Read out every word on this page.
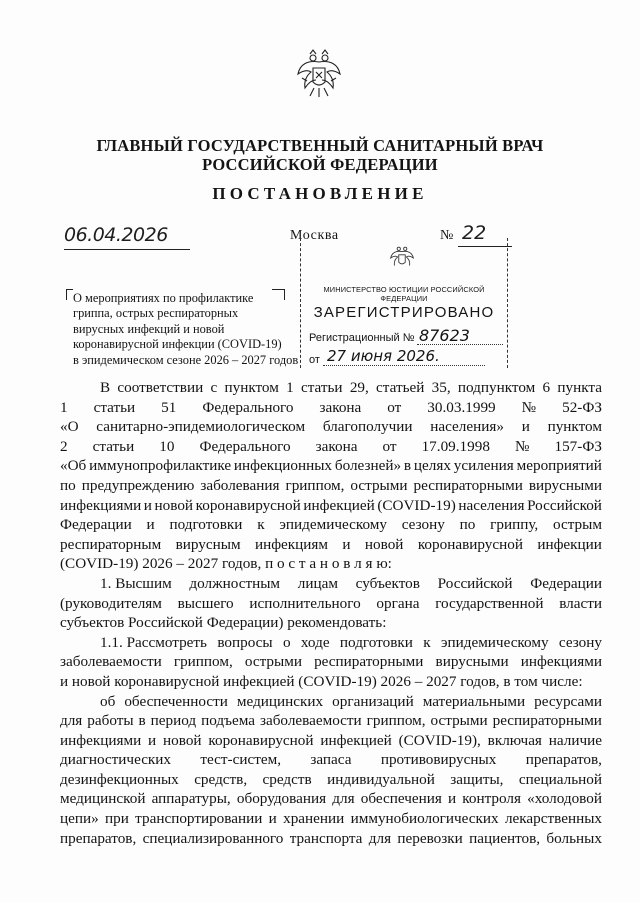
ГЛАВНЫЙ ГОСУДАРСТВЕННЫЙ САНИТАРНЫЙ ВРАЧ
РОССИЙСКОЙ ФЕДЕРАЦИИ
ПОСТАНОВЛЕНИЕ
06.04.2026	Москва	№ 22
О мероприятиях по профилактике
гриппа, острых респираторных
вирусных инфекций и новой
коронавирусной инфекции (COVID-19)
в эпидемическом сезоне 2026 – 2027 годов
МИНИСТЕРСТВО ЮСТИЦИИ РОССИЙСКОЙ ФЕДЕРАЦИИ
ЗАРЕГИСТРИРОВАНО
Регистрационный № 87623
от 27 июня 2026.
В соответствии с пунктом 1 статьи 29, статьей 35, подпунктом 6 пункта
1 статьи 51 Федерального закона от 30.03.1999 № 52-ФЗ
«О санитарно-эпидемиологическом благополучии населения» и пунктом
2 статьи 10 Федерального закона от 17.09.1998 № 157-ФЗ
«Об иммунопрофилактике инфекционных болезней» в целях усиления мероприятий
по предупреждению заболевания гриппом, острыми респираторными вирусными
инфекциями и новой коронавирусной инфекцией (COVID-19) населения Российской
Федерации и подготовки к эпидемическому сезону по гриппу, острым
респираторным вирусным инфекциям и новой коронавирусной инфекции
(COVID-19) 2026 – 2027 годов, п о с т а н о в л я ю:
1. Высшим должностным лицам субъектов Российской Федерации
(руководителям высшего исполнительного органа государственной власти
субъектов Российской Федерации) рекомендовать:
1.1. Рассмотреть вопросы о ходе подготовки к эпидемическому сезону
заболеваемости гриппом, острыми респираторными вирусными инфекциями
и новой коронавирусной инфекцией (COVID-19) 2026 – 2027 годов, в том числе:
об обеспеченности медицинских организаций материальными ресурсами
для работы в период подъема заболеваемости гриппом, острыми респираторными
инфекциями и новой коронавирусной инфекцией (COVID-19), включая наличие
диагностических тест-систем, запаса противовирусных препаратов,
дезинфекционных средств, средств индивидуальной защиты, специальной
медицинской аппаратуры, оборудования для обеспечения и контроля «холодовой
цепи» при транспортировании и хранении иммунобиологических лекарственных
препаратов, специализированного транспорта для перевозки пациентов, больных
